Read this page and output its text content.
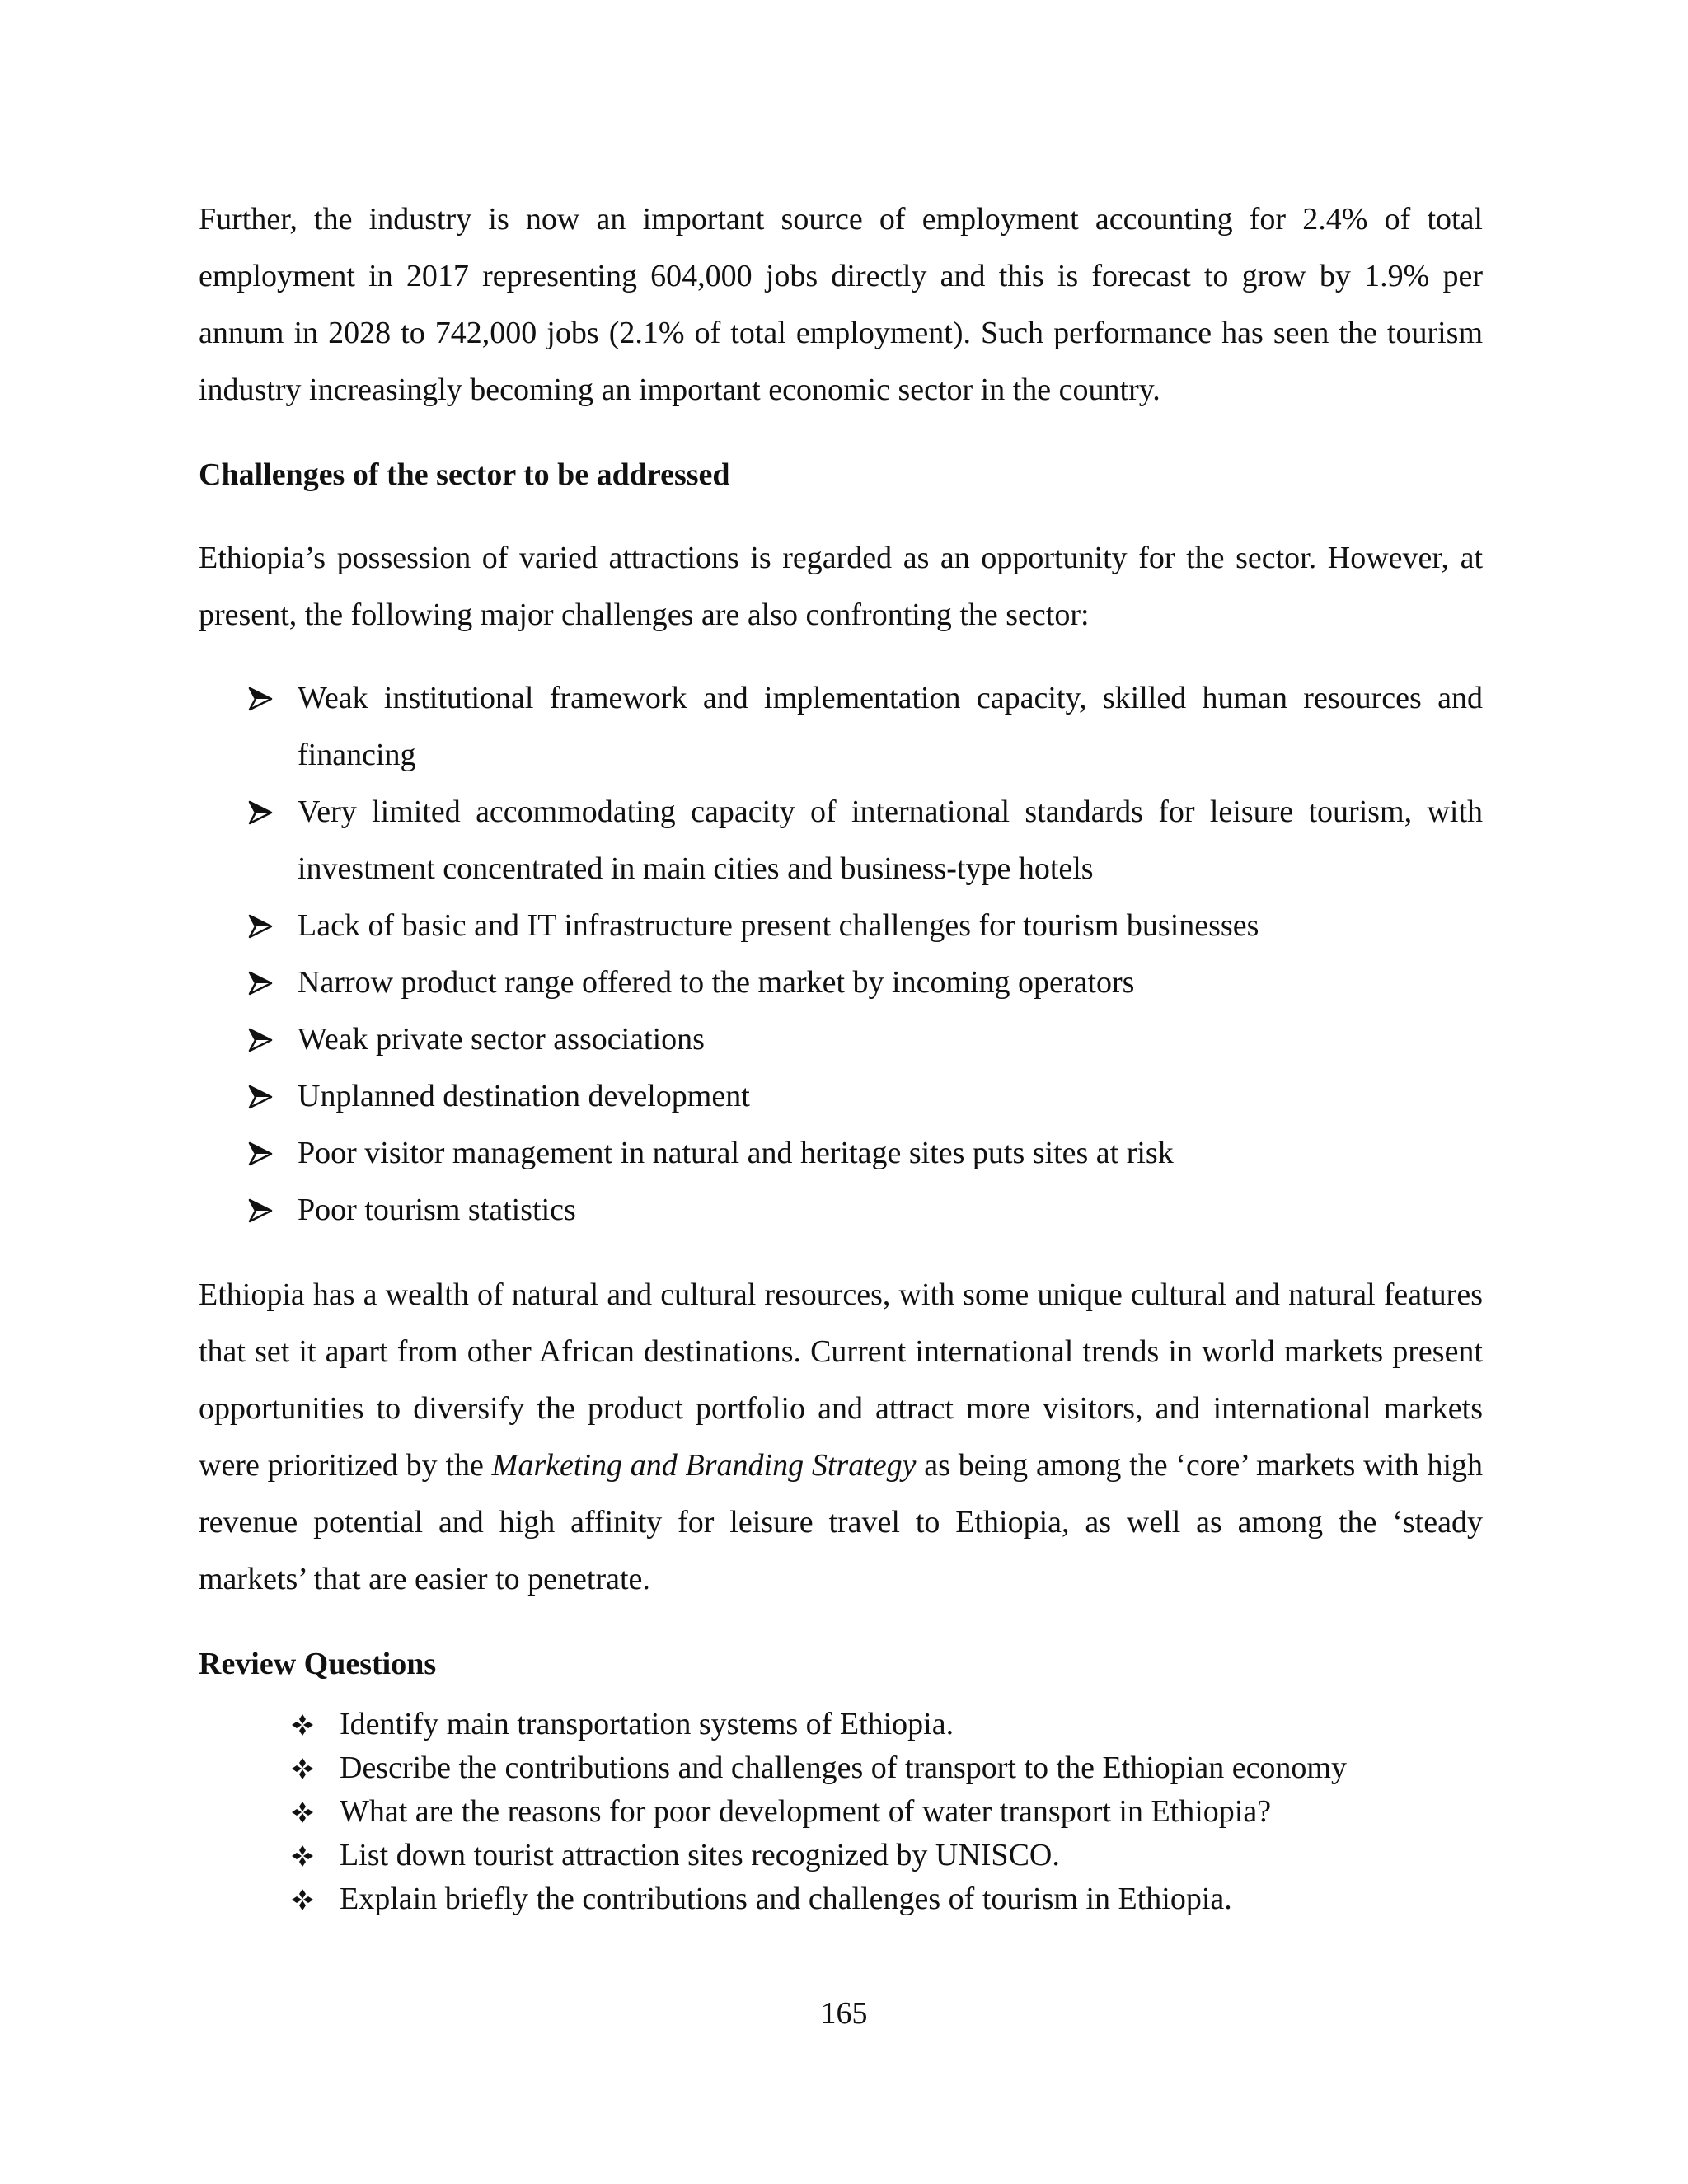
Further, the industry is now an important source of employment accounting for 2.4% of total employment in 2017 representing 604,000 jobs directly and this is forecast to grow by 1.9% per annum in 2028 to 742,000 jobs (2.1% of total employment). Such performance has seen the tourism industry increasingly becoming an important economic sector in the country.

Challenges of the sector to be addressed

Ethiopia’s possession of varied attractions is regarded as an opportunity for the sector. However, at present, the following major challenges are also confronting the sector:

Weak institutional framework and implementation capacity, skilled human resources and financing
Very limited accommodating capacity of international standards for leisure tourism, with investment concentrated in main cities and business-type hotels
Lack of basic and IT infrastructure present challenges for tourism businesses
Narrow product range offered to the market by incoming operators
Weak private sector associations
Unplanned destination development
Poor visitor management in natural and heritage sites puts sites at risk
Poor tourism statistics

Ethiopia has a wealth of natural and cultural resources, with some unique cultural and natural features that set it apart from other African destinations. Current international trends in world markets present opportunities to diversify the product portfolio and attract more visitors, and international markets were prioritized by the Marketing and Branding Strategy as being among the ‘core’ markets with high revenue potential and high affinity for leisure travel to Ethiopia, as well as among the ‘steady markets’ that are easier to penetrate.

Review Questions
Identify main transportation systems of Ethiopia.
Describe the contributions and challenges of transport to the Ethiopian economy
What are the reasons for poor development of water transport in Ethiopia?
List down tourist attraction sites recognized by UNISCO.
Explain briefly the contributions and challenges of tourism in Ethiopia.
165
